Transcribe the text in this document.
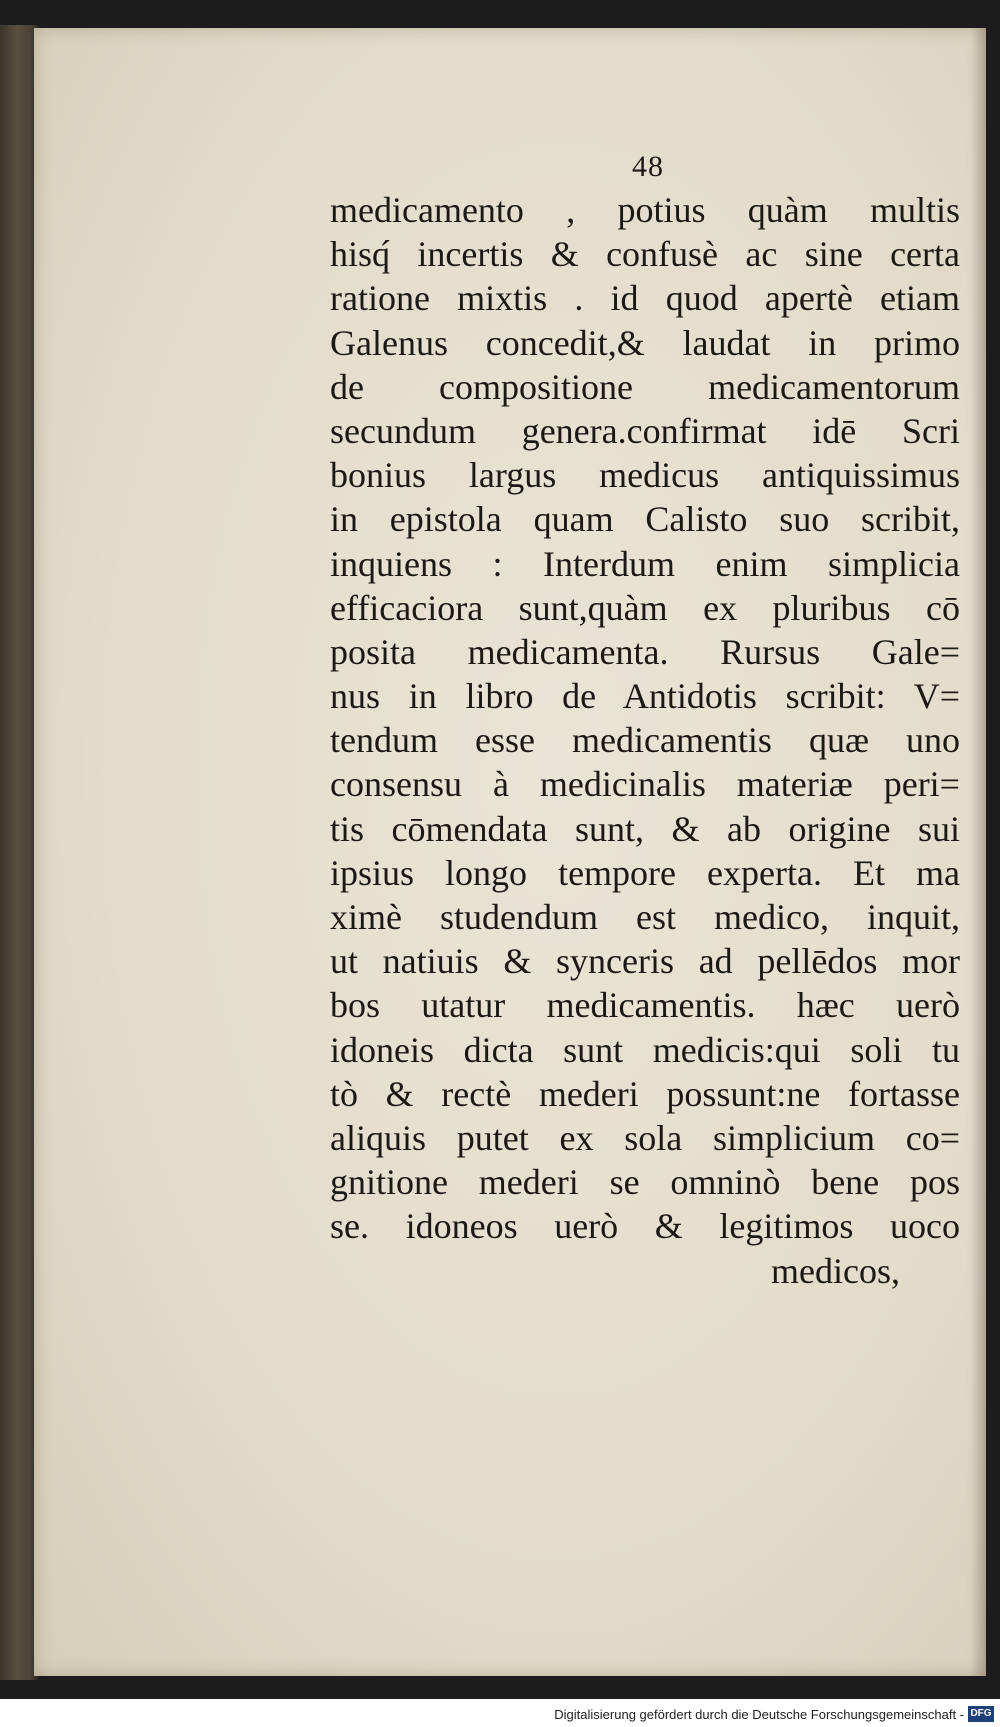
48
medicamento , potius quàm multis
hisq́ incertis & confusè ac sine certa
ratione mixtis . id quod apertè etiam
Galenus concedit,& laudat in primo
de compositione medicamentorum
secundum genera.confirmat idē Scri
bonius largus medicus antiquissimus
in epistola quam Calisto suo scribit,
inquiens : Interdum enim simplicia
efficaciora sunt,quàm ex pluribus cō
posita medicamenta. Rursus Gale=
nus in libro de Antidotis scribit: V=
tendum esse medicamentis quæ uno
consensu à medicinalis materiæ peri=
tis cōmendata sunt, & ab origine sui
ipsius longo tempore experta. Et ma
ximè studendum est medico, inquit,
ut natiuis & synceris ad pellēdos mor
bos utatur medicamentis. hæc uerò
idoneis dicta sunt medicis:qui soli tu
tò & rectè mederi possunt:ne fortasse
aliquis putet ex sola simplicium co=
gnitione mederi se omninò bene pos
se. idoneos uerò & legitimos uoco
medicos,
Digitalisierung gefördert durch die Deutsche Forschungsgemeinschaft - DFG
